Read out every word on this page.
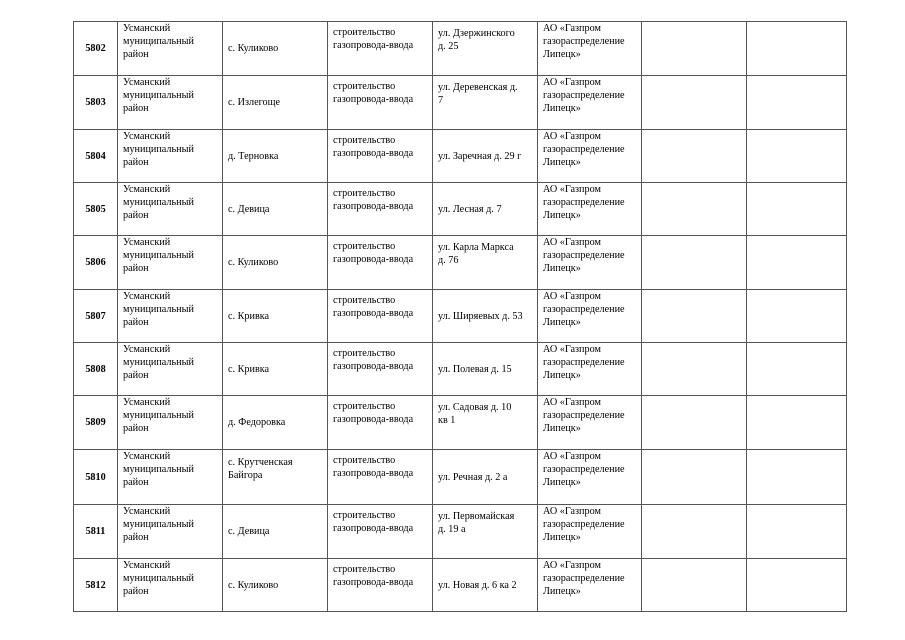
5802	Усманский
муниципальный
район	с. Куликово	строительство
газопровода-ввода	ул. Дзержинского
д. 25	АО «Газпром
газораспределение
Липецк»		

5803	Усманский
муниципальный
район	с. Излегоще	строительство
газопровода-ввода	ул. Деревенская д.
7	АО «Газпром
газораспределение
Липецк»		

5804	Усманский
муниципальный
район	д. Терновка	строительство
газопровода-ввода	ул. Заречная д. 29 г	АО «Газпром
газораспределение
Липецк»		

5805	Усманский
муниципальный
район	с. Девица	строительство
газопровода-ввода	ул. Лесная д. 7	АО «Газпром
газораспределение
Липецк»		

5806	Усманский
муниципальный
район	с. Куликово	строительство
газопровода-ввода	ул. Карла Маркса
д. 76	АО «Газпром
газораспределение
Липецк»		

5807	Усманский
муниципальный
район	с. Кривка	строительство
газопровода-ввода	ул. Ширяевых д. 53	АО «Газпром
газораспределение
Липецк»		

5808	Усманский
муниципальный
район	с. Кривка	строительство
газопровода-ввода	ул. Полевая д. 15	АО «Газпром
газораспределение
Липецк»		

5809	Усманский
муниципальный
район	д. Федоровка	строительство
газопровода-ввода	ул. Садовая д. 10
кв 1	АО «Газпром
газораспределение
Липецк»		

5810	Усманский
муниципальный
район	с. Крутченская
Байгора	строительство
газопровода-ввода	ул. Речная д. 2 а	АО «Газпром
газораспределение
Липецк»		

5811	Усманский
муниципальный
район	с. Девица	строительство
газопровода-ввода	ул. Первомайская
д. 19 а	АО «Газпром
газораспределение
Липецк»		

5812	Усманский
муниципальный
район	с. Куликово	строительство
газопровода-ввода	ул. Новая д. 6 ка 2	АО «Газпром
газораспределение
Липецк»		
